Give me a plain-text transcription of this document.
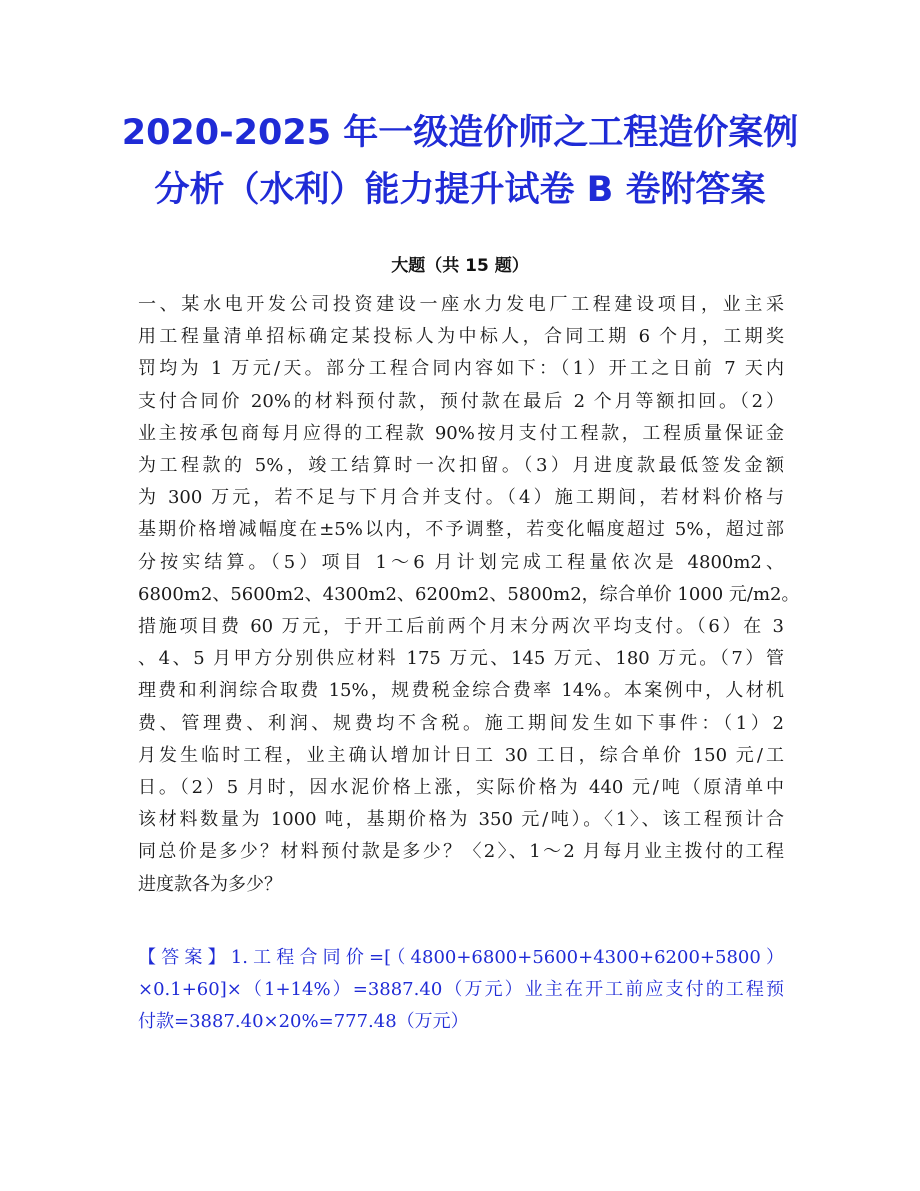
2020-2025 年一级造价师之工程造价案例
分析（水利）能力提升试卷 B 卷附答案
大题（共 15 题）
一、某水电开发公司投资建设一座水力发电厂工程建设项目，业主采
用工程量清单招标确定某投标人为中标人，合同工期 6 个月，工期奖
罚均为 1 万元/天。部分工程合同内容如下：（1）开工之日前 7 天内
支付合同价 20%的材料预付款，预付款在最后 2 个月等额扣回。（2）
业主按承包商每月应得的工程款 90%按月支付工程款，工程质量保证金
为工程款的 5%，竣工结算时一次扣留。（3）月进度款最低签发金额
为 300 万元，若不足与下月合并支付。（4）施工期间，若材料价格与
基期价格增减幅度在±5%以内，不予调整，若变化幅度超过 5%，超过部
分按实结算。（5）项目 1～6 月计划完成工程量依次是 4800m2、
6800m2、5600m2、4300m2、6200m2、5800m2，综合单价 1000 元/m2。
措施项目费 60 万元，于开工后前两个月末分两次平均支付。（6）在 3
、4、5 月甲方分别供应材料 175 万元、145 万元、180 万元。（7）管
理费和利润综合取费 15%，规费税金综合费率 14%。本案例中，人材机
费、管理费、利润、规费均不含税。施工期间发生如下事件：（1）2
月发生临时工程，业主确认增加计日工 30 工日，综合单价 150 元/工
日。（2）5 月时，因水泥价格上涨，实际价格为 440 元/吨（原清单中
该材料数量为 1000 吨，基期价格为 350 元/吨）。〈1〉、该工程预计合
同总价是多少？材料预付款是多少？〈2〉、1～2 月每月业主拨付的工程
进度款各为多少？
【答案】1.工程合同价=[（4800+6800+5600+4300+6200+5800）
×0.1+60]×（1+14%）=3887.40（万元）业主在开工前应支付的工程预
付款=3887.40×20%=777.48（万元）
